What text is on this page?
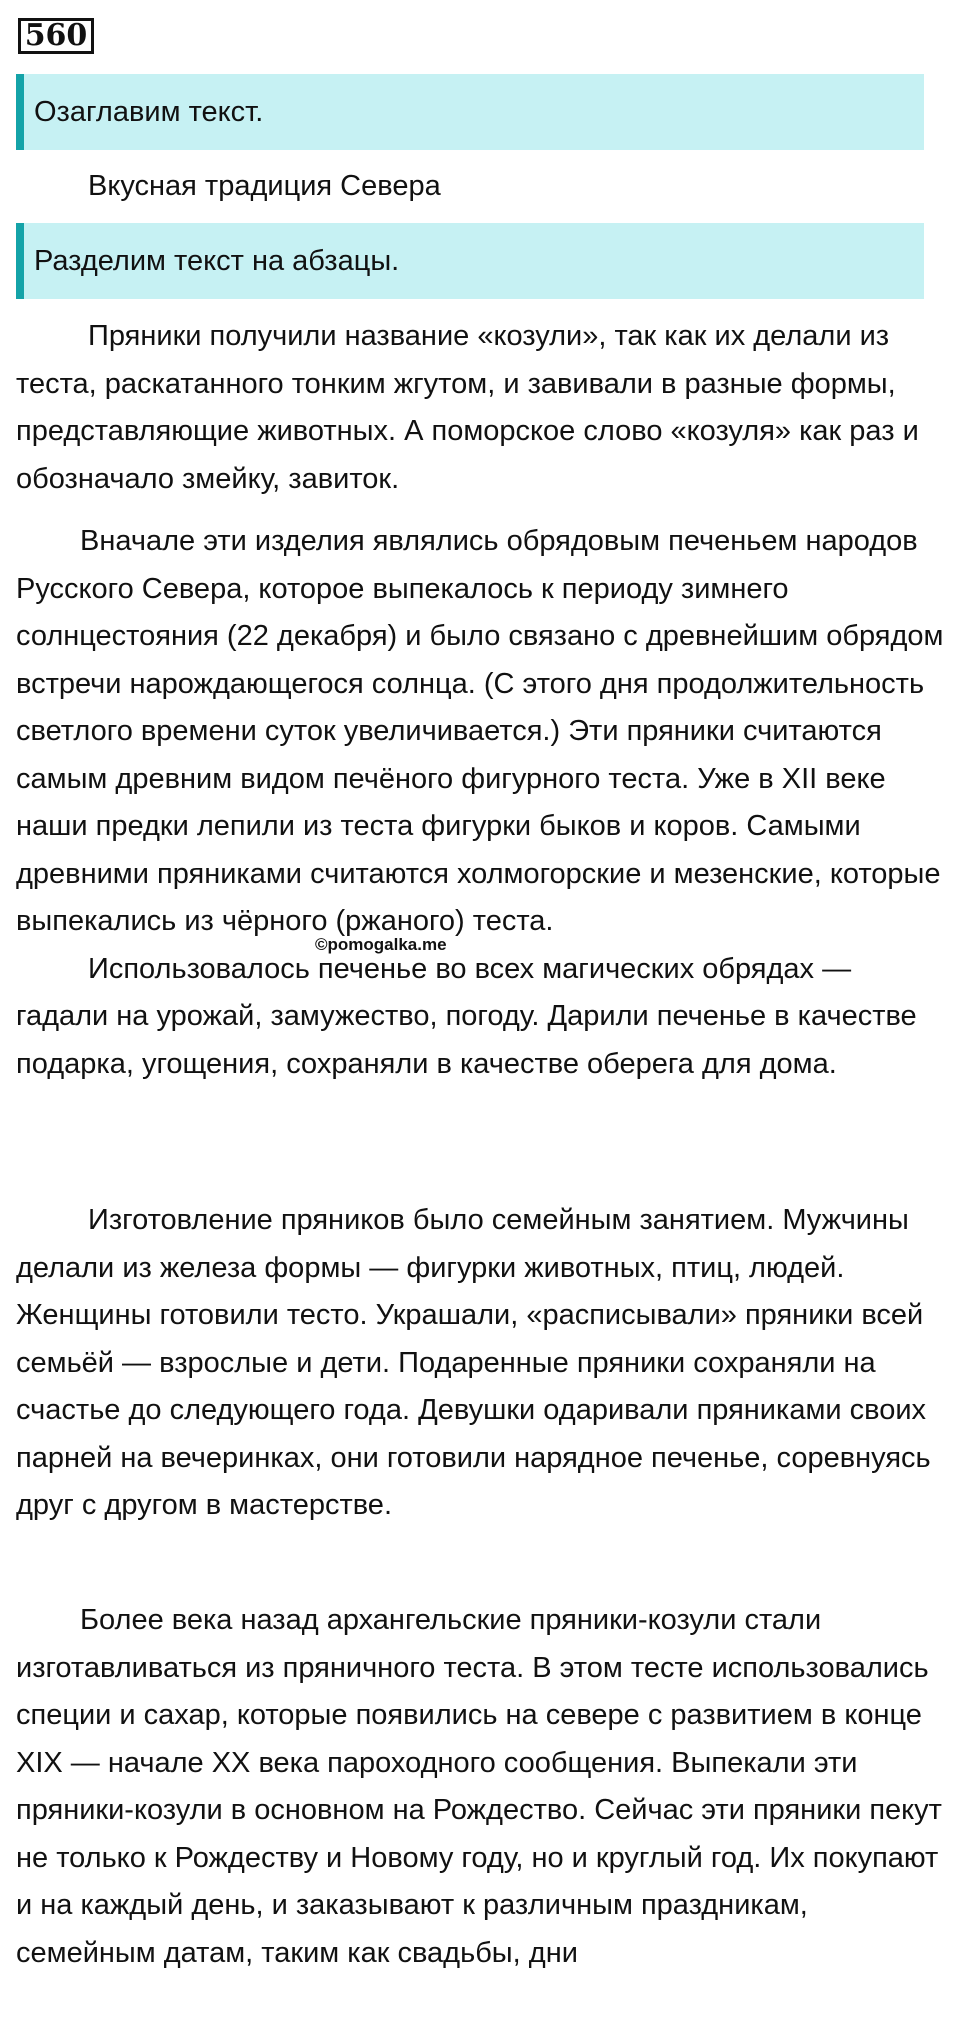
560
Озаглавим текст.
Вкусная традиция Севера
Разделим текст на абзацы.

Пряники получили название «козули», так как их делали из теста, раскатанного тонким жгутом, и завивали в разные формы, представляющие животных. А поморское слово «козуля» как раз и обозначало змейку, завиток.

Вначале эти изделия являлись обрядовым печеньем народов Русского Севера, которое выпекалось к периоду зимнего солнцестояния (22 декабря) и было связано с древнейшим обрядом встречи нарождающегося солнца. (С этого дня продолжительность светлого времени суток увеличивается.) Эти пряники считаются самым древним видом печёного фигурного теста. Уже в XII веке наши предки лепили из теста фигурки быков и коров. Самыми древними пряниками считаются холмогорские и мезенские, которые выпекались из чёрного (ржаного) теста.

Использовалось печенье во всех магических обрядах — гадали на урожай, замужество, погоду. Дарили печенье в качестве подарка, угощения, сохраняли в качестве оберега для дома.

©pomogalka.me

Изготовление пряников было семейным занятием. Мужчины делали из железа формы — фигурки животных, птиц, людей. Женщины готовили тесто. Украшали, «расписывали» пряники всей семьёй — взрослые и дети. Подаренные пряники сохраняли на счастье до следующего года. Девушки одаривали пряниками своих парней на вечеринках, они готовили нарядное печенье, соревнуясь друг с другом в мастерстве.

Более века назад архангельские пряники-козули стали изготавливаться из пряничного теста. В этом тесте использовались специи и сахар, которые появились на севере с развитием в конце XIX — начале XX века пароходного сообщения. Выпекали эти пряники-козули в основном на Рождество. Сейчас эти пряники пекут не только к Рождеству и Новому году, но и круглый год. Их покупают и на каждый день, и заказывают к различным праздникам, семейным датам, таким как свадьбы, дни
